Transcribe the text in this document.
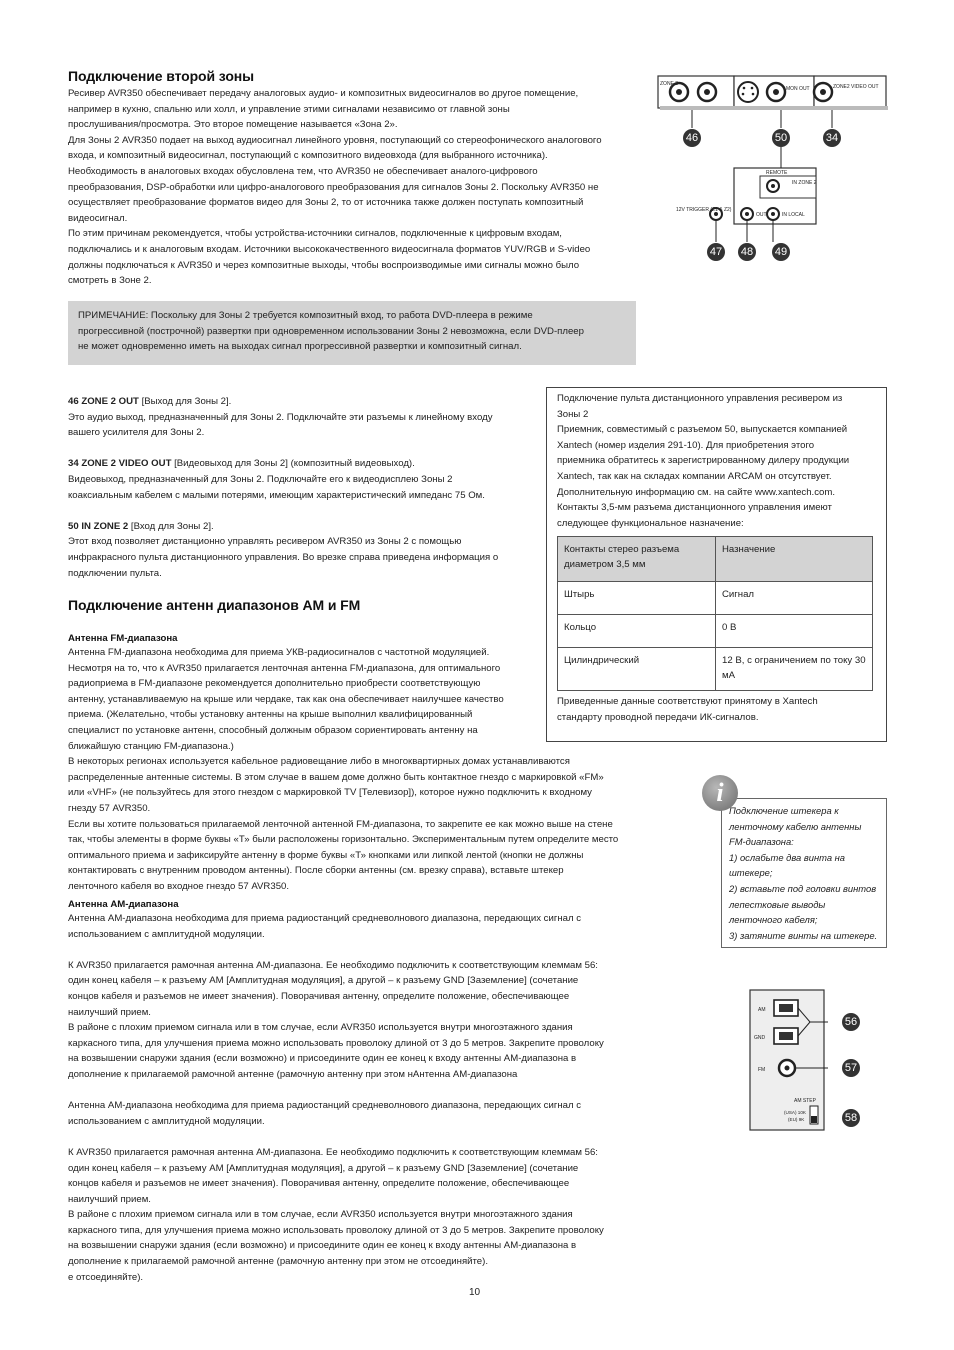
Подключение второй зоны
Ресивер AVR350 обеспечивает передачу аналоговых аудио- и композитных видеосигналов во другое помещение,
например в кухню, спальню или холл, и управление этими сигналами независимо от главной зоны
прослушивания/просмотра. Это второе помещение называется «Зона 2».
Для Зоны 2 AVR350 подает на выход аудиосигнал линейного уровня, поступающий со стереофонического аналогового
входа, и композитный видеосигнал, поступающий с композитного видеовхода (для выбранного источника).
Необходимость в аналоговых входах обусловлена тем, что AVR350 не обеспечивает аналого-цифрового
преобразования, DSP-обработки или цифро-аналогового преобразования для сигналов Зоны 2. Поскольку AVR350 не
осуществляет преобразование форматов видео для Зоны 2, то от источника также должен поступать композитный
видеосигнал.
По этим причинам рекомендуется, чтобы устройства-источники сигналов, подключенные к цифровым входам,
подключались и к аналоговым входам. Источники высококачественного видеосигнала форматов YUV/RGB и S-video
должны подключаться к AVR350 и через композитные выходы, чтобы воспроизводимые ими сигналы можно было
смотреть в Зоне 2.
ПРИМЕЧАНИЕ: Поскольку для Зоны 2 требуется композитный вход, то работа DVD-плеера в режиме
прогрессивной (построчной) развертки при одновременном использовании Зоны 2 невозможна, если DVD-плеер
не может одновременно иметь на выходах сигнал прогрессивной развертки и композитный сигнал.
46 ZONE 2 OUT [Выход для Зоны 2].
Это аудио выход, предназначенный для Зоны 2. Подключайте эти разъемы к линейному входу
вашего усилителя для Зоны 2.
34 ZONE 2 VIDEO OUT [Видеовыход для Зоны 2] (композитный видеовыход).
Видеовыход, предназначенный для Зоны 2. Подключайте его к видеодисплею Зоны 2
коаксиальным кабелем с малыми потерями, имеющим характеристический импеданс 75 Ом.
50 IN ZONE 2 [Вход для Зоны 2].
Этот вход позволяет дистанционно управлять ресивером AVR350 из Зоны 2 с помощью
инфракрасного пульта дистанционного управления. Во врезке справа приведена информация о
подключении пульта.
Подключение антенн диапазонов AM и FM
Антенна FM-диапазона
Антенна FM-диапазона необходима для приема УКВ-радиосигналов с частотной модуляцией.
Несмотря на то, что к AVR350 прилагается ленточная антенна FM-диапазона, для оптимального
радиоприема в FM-диапазоне рекомендуется дополнительно приобрести соответствующую
антенну, устанавливаемую на крыше или чердаке, так как она обеспечивает наилучшее качество
приема. (Желательно, чтобы установку антенны на крыше выполнил квалифицированный
специалист по установке антенн, способный должным образом сориентировать антенну на
ближайшую станцию FM-диапазона.)
В некоторых регионах используется кабельное радиовещание либо в многоквартирных домах устанавливаются
распределенные антенные системы. В этом случае в вашем доме должно быть контактное гнездо с маркировкой «FM»
или «VHF» (не пользуйтесь для этого гнездом с маркировкой TV [Телевизор]), которое нужно подключить к входному
гнезду 57 AVR350.
Если вы хотите пользоваться прилагаемой ленточной антенной FM-диапазона, то закрепите ее как можно выше на стене
так, чтобы элементы в форме буквы «Т» были расположены горизонтально. Экспериментальным путем определите место
оптимального приема и зафиксируйте антенну в форме буквы «Т» кнопками или липкой лентой (кнопки не должны
контактировать с внутренним проводом антенны). После сборки антенны (см. врезку справа), вставьте штекер
ленточного кабеля во входное гнездо 57 AVR350.
Антенна AM-диапазона
Антенна AM-диапазона необходима для приема радиостанций средневолнового диапазона, передающих сигнал с
использованием с амплитудной модуляции.
К AVR350 прилагается рамочная антенна AM-диапазона. Ее необходимо подключить к соответствующим клеммам 56:
один конец кабеля – к разъему AM [Амплитудная модуляция], а другой – к разъему GND [Заземление] (сочетание
концов кабеля и разъемов не имеет значения). Поворачивая антенну, определите положение, обеспечивающее
наилучший прием.
В районе с плохим приемом сигнала или в том случае, если AVR350 используется внутри многоэтажного здания
каркасного типа, для улучшения приема можно использовать проволоку длиной от 3 до 5 метров. Закрепите проволоку
на возвышении снаружи здания (если возможно) и присоедините один ее конец к входу антенны AM-диапазона в
дополнение к прилагаемой рамочной антенне (рамочную антенну при этом нАнтенна AM-диапазона
Антенна AM-диапазона необходима для приема радиостанций средневолнового диапазона, передающих сигнал с
использованием с амплитудной модуляции.
К AVR350 прилагается рамочная антенна AM-диапазона. Ее необходимо подключить к соответствующим клеммам 56:
один конец кабеля – к разъему AM [Амплитудная модуляция], а другой – к разъему GND [Заземление] (сочетание
концов кабеля и разъемов не имеет значения). Поворачивая антенну, определите положение, обеспечивающее
наилучший прием.
В районе с плохим приемом сигнала или в том случае, если AVR350 используется внутри многоэтажного здания
каркасного типа, для улучшения приема можно использовать проволоку длиной от 3 до 5 метров. Закрепите проволоку
на возвышении снаружи здания (если возможно) и присоедините один ее конец к входу антенны AM-диапазона в
дополнение к прилагаемой рамочной антенне (рамочную антенну при этом не отсоединяйте).
е отсоединяйте).
Подключение пульта дистанционного управления ресивером из
Зоны 2
Приемник, совместимый с разъемом 50, выпускается компанией
Xantech (номер изделия 291-10). Для приобретения этого
приемника обратитесь к зарегистрированному дилеру продукции
Xantech, так как на складах компании ARCAM он отсутствует.
Дополнительную информацию см. на сайте www.xantech.com.
Контакты 3,5-мм разъема дистанционного управления имеют
следующее функциональное назначение:
Контакты стерео разъема диаметром 3,5 мм	Назначение
Штырь	Сигнал
Кольцо	0 В
Цилиндрический	12 В, с ограничением по току 30 мА
Приведенные данные соответствуют принятому в Xantech
стандарту проводной передачи ИК-сигналов.
Подключение штекера к
ленточному кабелю антенны
FM-диапазона:
1) ослабьте два винта на
штекере;
2) вставьте под головки винтов
лепестковые выводы
ленточного кабеля;
3) затяните винты на штекере.
i
ZONE 2
MON OUT	ZONE2 VIDEO OUT
REMOTE
IN ZONE 2
12V TRIGGER (Z1 & Z2)
OUT	IN LOCAL
46	50	34
47 48 49
AM
GND
FM
AM STEP
(USA) 10K
(EU) 9K
56
57
58
10
